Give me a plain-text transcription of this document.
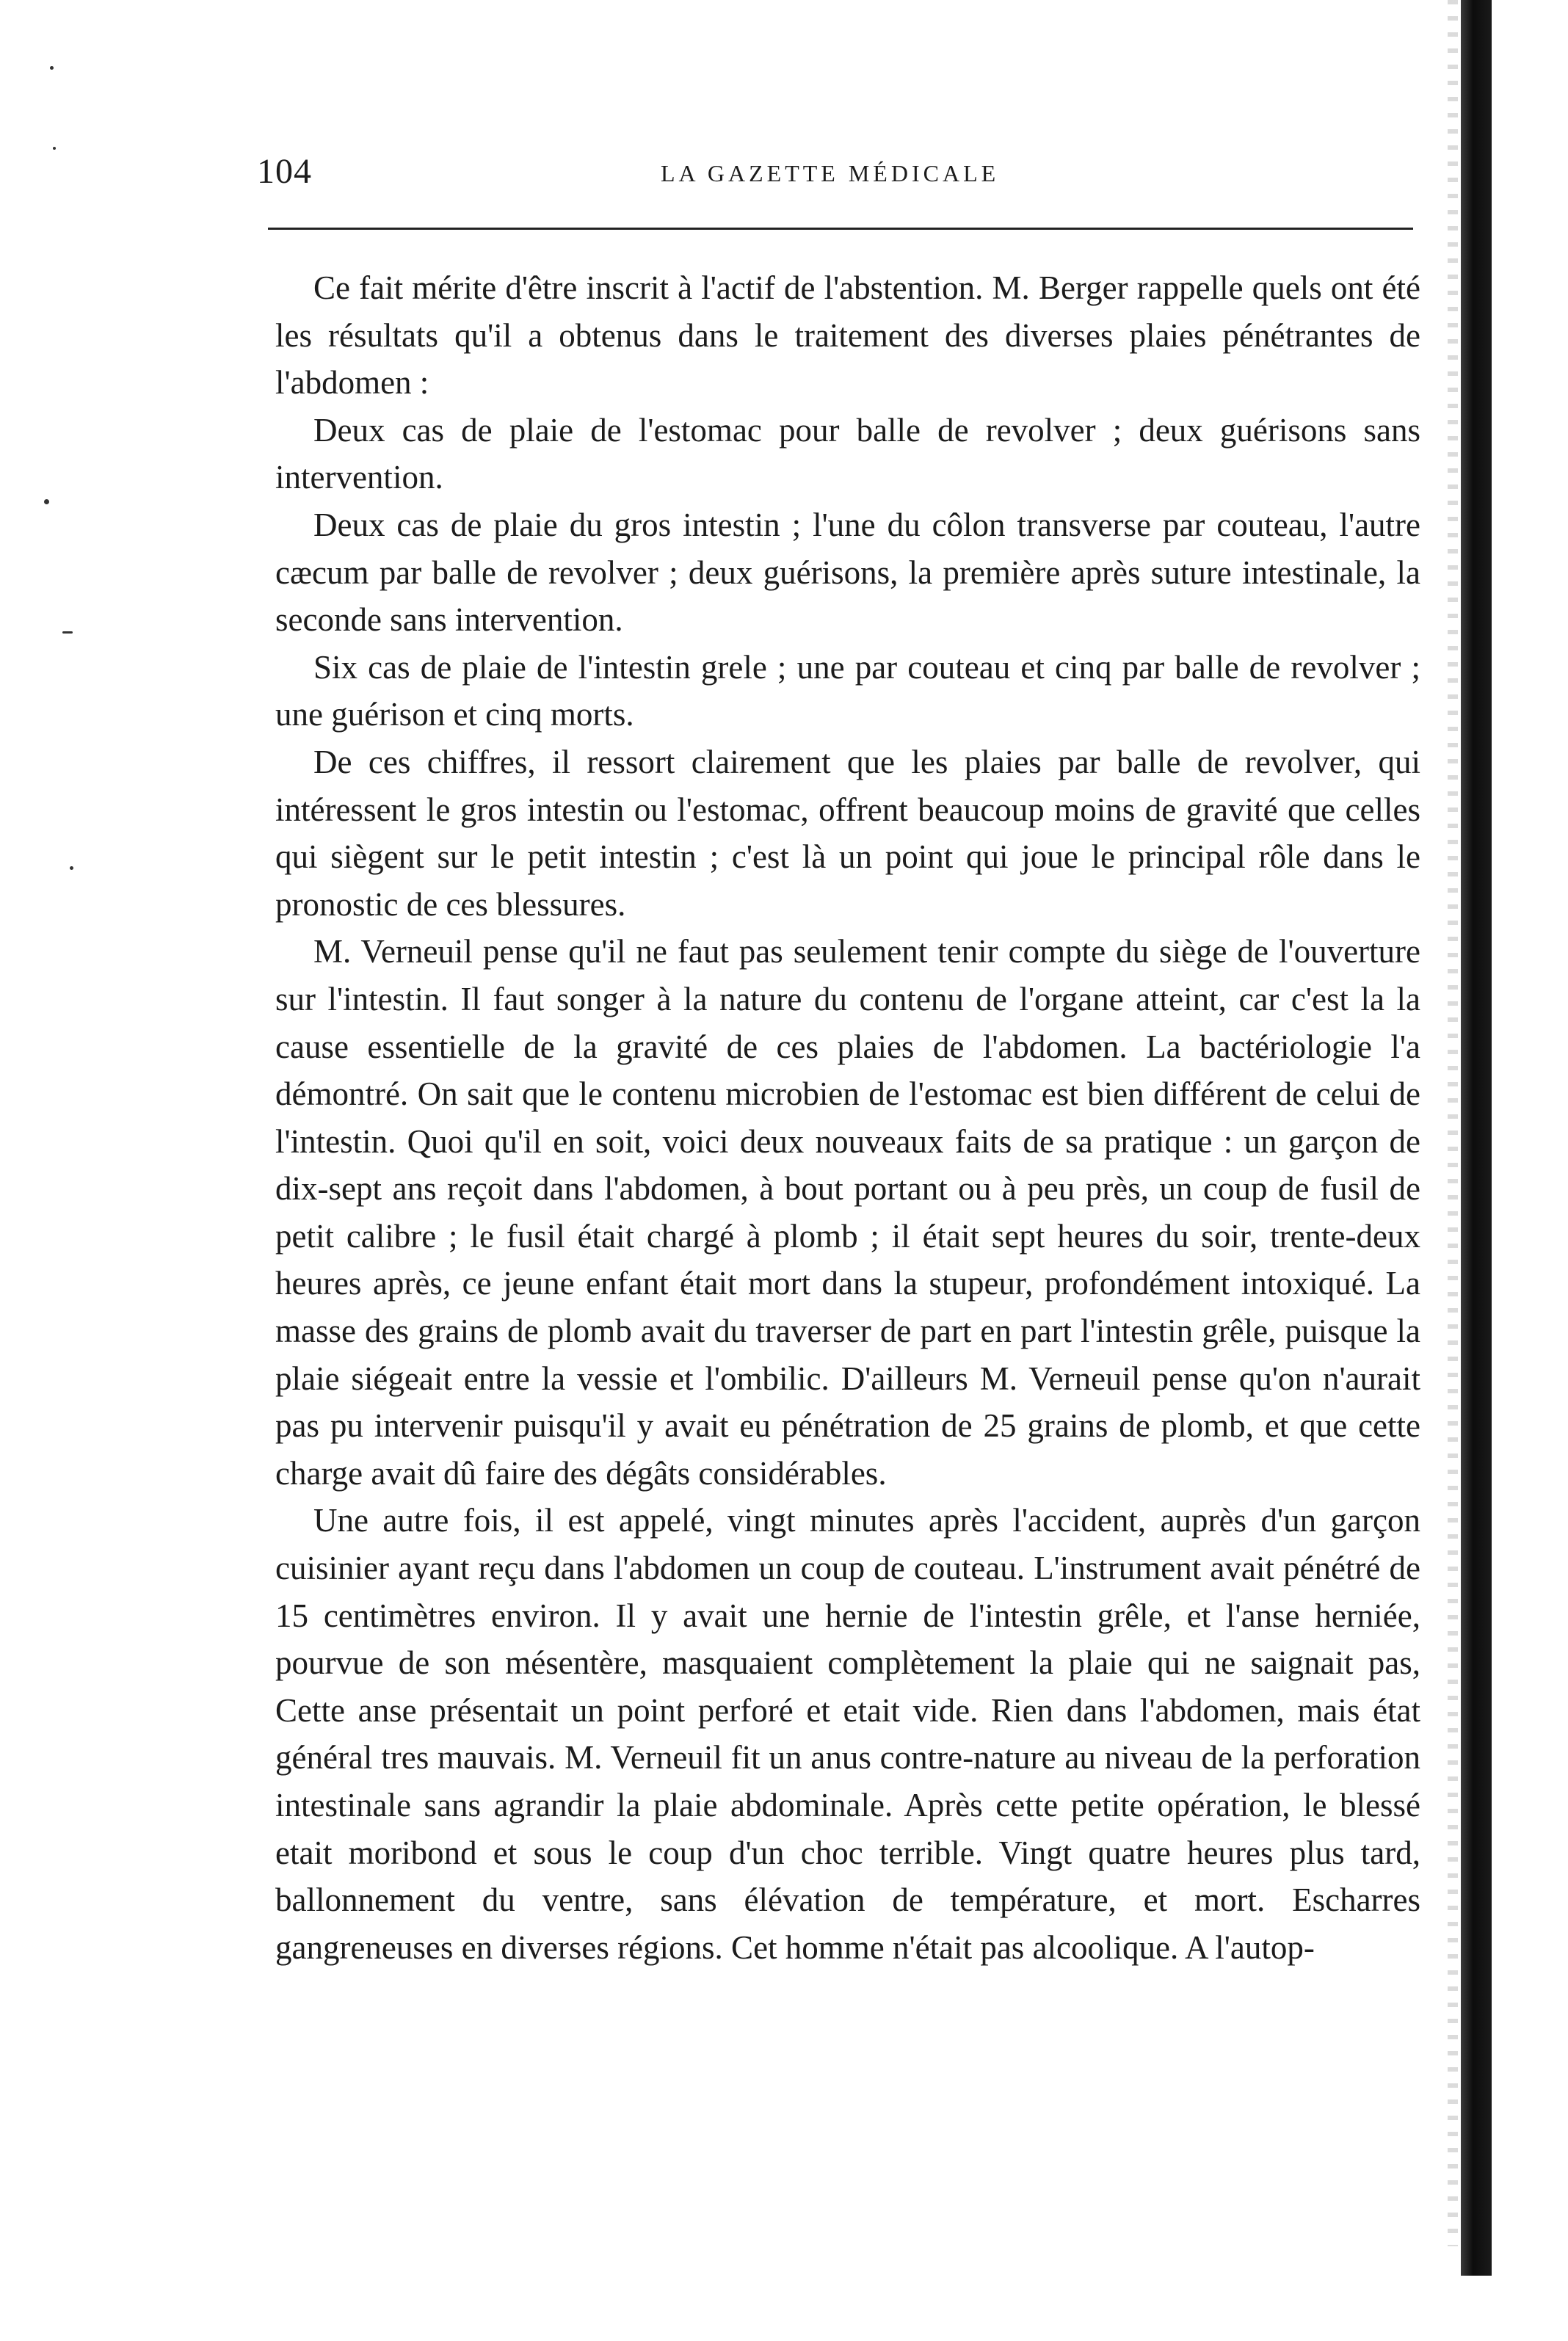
104	LA GAZETTE MÉDICALE

Ce fait mérite d'être inscrit à l'actif de l'abstention. M. Berger rappelle quels ont été les résultats qu'il a obtenus dans le traitement des diverses plaies pénétrantes de l'abdomen :

Deux cas de plaie de l'estomac pour balle de revolver ; deux guérisons sans intervention.

Deux cas de plaie du gros intestin ; l'une du côlon transverse par couteau, l'autre cæcum par balle de revolver ; deux guérisons, la première après suture intestinale, la seconde sans intervention.

Six cas de plaie de l'intestin grele ; une par couteau et cinq par balle de revolver ; une guérison et cinq morts.

De ces chiffres, il ressort clairement que les plaies par balle de revolver, qui intéressent le gros intestin ou l'estomac, offrent beaucoup moins de gravité que celles qui siègent sur le petit intestin ; c'est là un point qui joue le principal rôle dans le pronostic de ces blessures.

M. Verneuil pense qu'il ne faut pas seulement tenir compte du siège de l'ouverture sur l'intestin. Il faut songer à la nature du contenu de l'organe atteint, car c'est la la cause essentielle de la gravité de ces plaies de l'abdomen. La bactériologie l'a démontré. On sait que le contenu microbien de l'estomac est bien différent de celui de l'intestin. Quoi qu'il en soit, voici deux nouveaux faits de sa pratique : un garçon de dix-sept ans reçoit dans l'abdomen, à bout portant ou à peu près, un coup de fusil de petit calibre ; le fusil était chargé à plomb ; il était sept heures du soir, trente-deux heures après, ce jeune enfant était mort dans la stupeur, profondément intoxiqué. La masse des grains de plomb avait du traverser de part en part l'intestin grêle, puisque la plaie siégeait entre la vessie et l'ombilic. D'ailleurs M. Verneuil pense qu'on n'aurait pas pu intervenir puisqu'il y avait eu pénétration de 25 grains de plomb, et que cette charge avait dû faire des dégâts considérables.

Une autre fois, il est appelé, vingt minutes après l'accident, auprès d'un garçon cuisinier ayant reçu dans l'abdomen un coup de couteau. L'instrument avait pénétré de 15 centimètres environ. Il y avait une hernie de l'intestin grêle, et l'anse herniée, pourvue de son mésentère, masquaient complètement la plaie qui ne saignait pas, Cette anse présentait un point perforé et etait vide. Rien dans l'abdomen, mais état général tres mauvais. M. Verneuil fit un anus contre-nature au niveau de la perforation intestinale sans agrandir la plaie abdominale. Après cette petite opération, le blessé etait moribond et sous le coup d'un choc terrible. Vingt quatre heures plus tard, ballonnement du ventre, sans élévation de température, et mort. Escharres gangreneuses en diverses régions. Cet homme n'était pas alcoolique. A l'autop-
